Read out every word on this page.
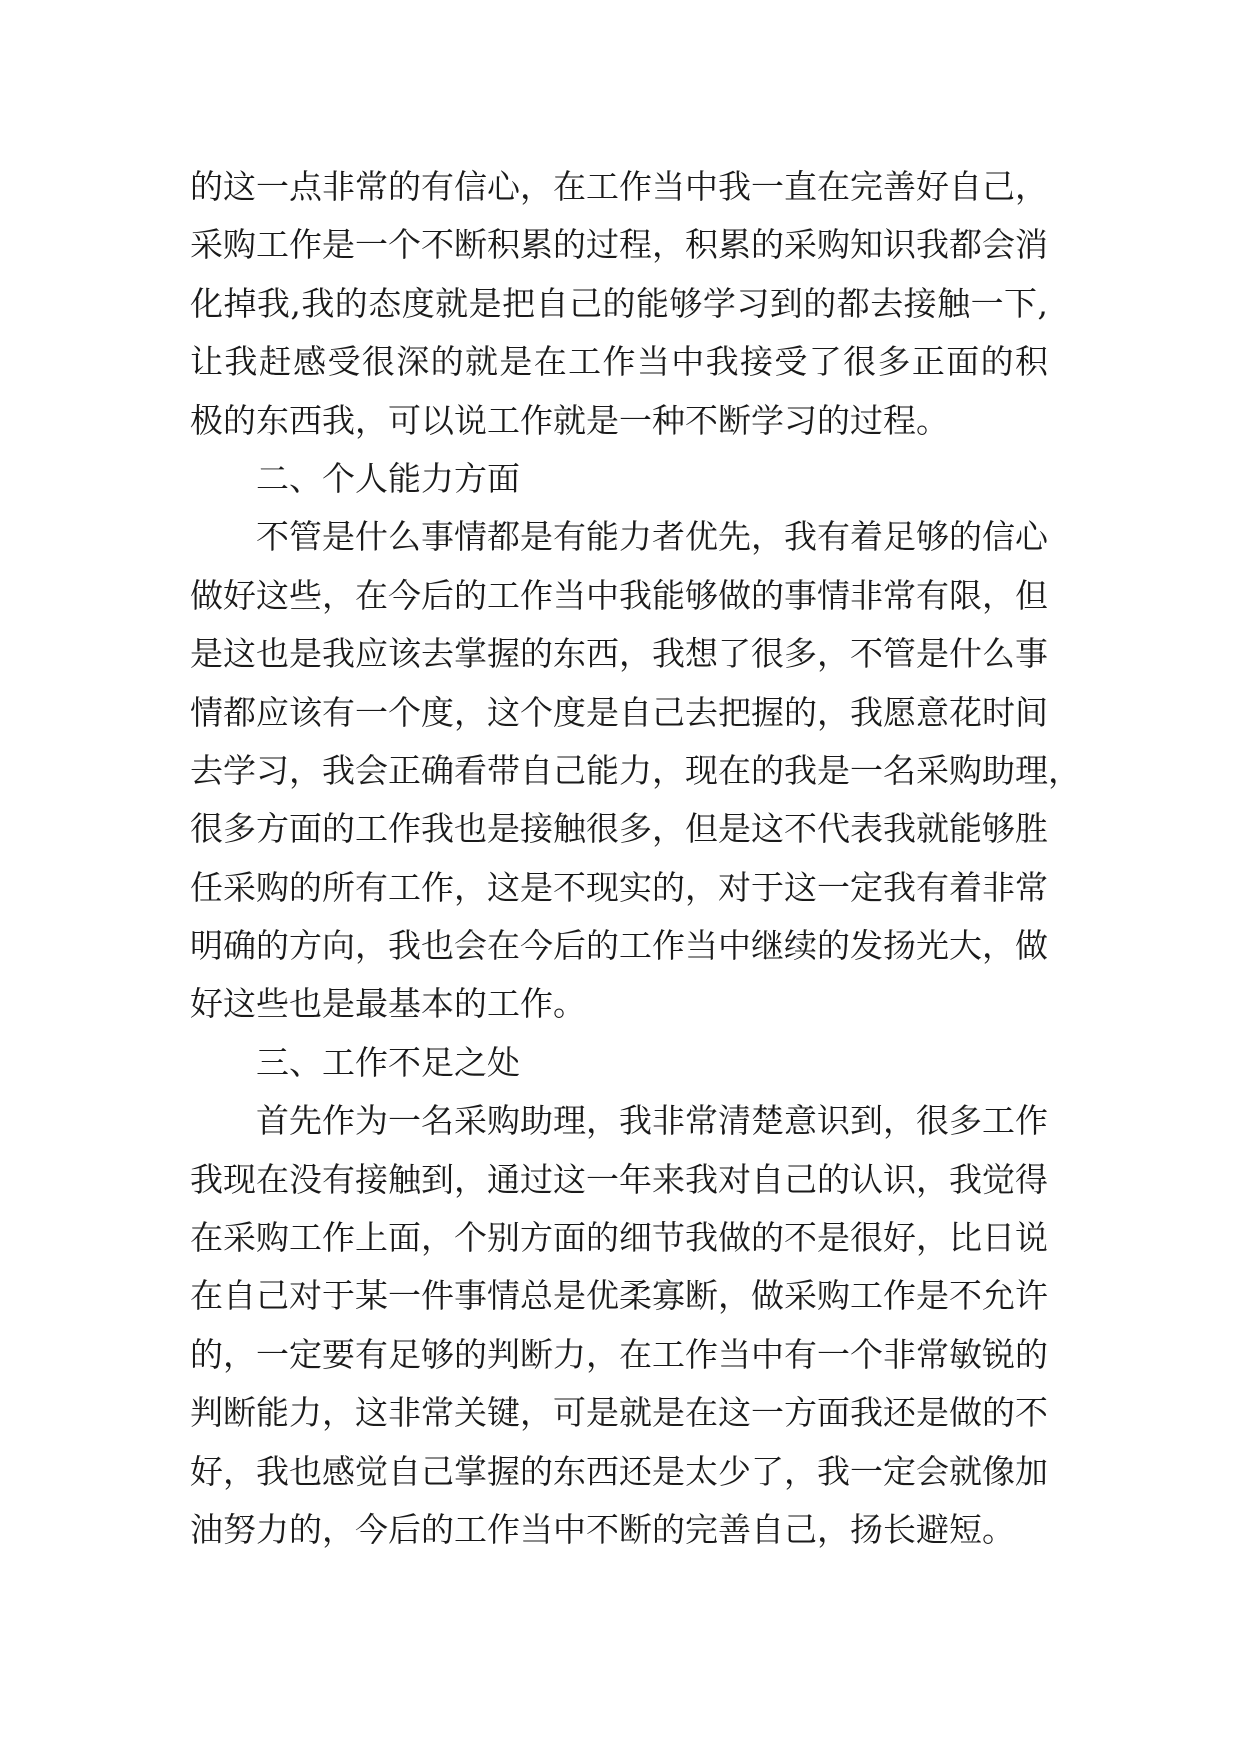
的这一点非常的有信心，在工作当中我一直在完善好自己，
采购工作是一个不断积累的过程，积累的采购知识我都会消
化掉我,我的态度就是把自己的能够学习到的都去接触一下,
让我赶感受很深的就是在工作当中我接受了很多正面的积
极的东西我，可以说工作就是一种不断学习的过程。
二、个人能力方面
不管是什么事情都是有能力者优先，我有着足够的信心
做好这些，在今后的工作当中我能够做的事情非常有限，但
是这也是我应该去掌握的东西，我想了很多，不管是什么事
情都应该有一个度，这个度是自己去把握的，我愿意花时间
去学习，我会正确看带自己能力，现在的我是一名采购助理，
很多方面的工作我也是接触很多，但是这不代表我就能够胜
任采购的所有工作，这是不现实的，对于这一定我有着非常
明确的方向，我也会在今后的工作当中继续的发扬光大，做
好这些也是最基本的工作。
三、工作不足之处
首先作为一名采购助理，我非常清楚意识到，很多工作
我现在没有接触到，通过这一年来我对自己的认识，我觉得
在采购工作上面，个别方面的细节我做的不是很好，比日说
在自己对于某一件事情总是优柔寡断，做采购工作是不允许
的，一定要有足够的判断力，在工作当中有一个非常敏锐的
判断能力，这非常关键，可是就是在这一方面我还是做的不
好，我也感觉自己掌握的东西还是太少了，我一定会就像加
油努力的，今后的工作当中不断的完善自己，扬长避短。
